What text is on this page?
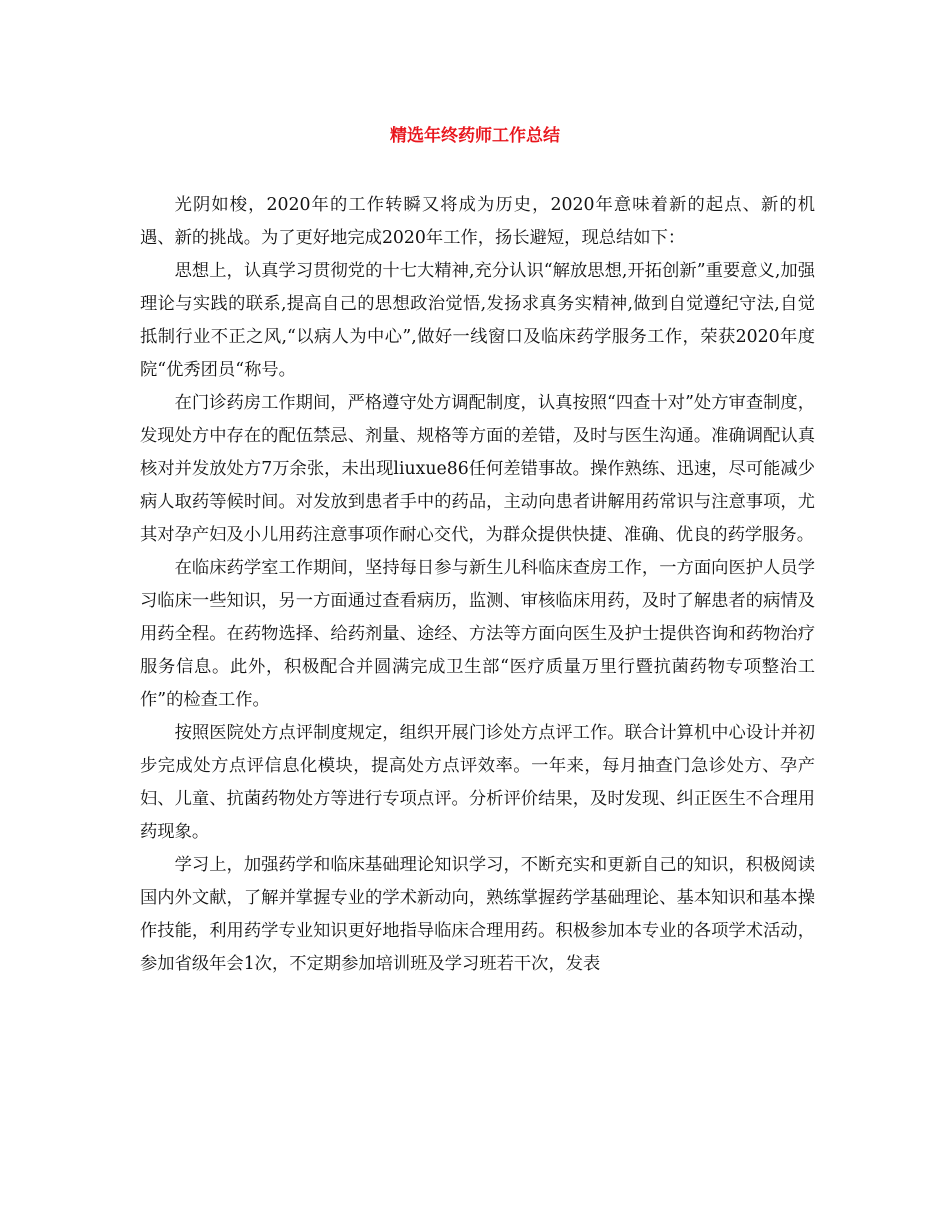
精选年终药师工作总结

光阴如梭，2020年的工作转瞬又将成为历史，2020年意味着新的起点、新的机遇、新的挑战。为了更好地完成2020年工作，扬长避短，现总结如下：

思想上，认真学习贯彻党的十七大精神,充分认识“解放思想,开拓创新”重要意义,加强理论与实践的联系,提高自己的思想政治觉悟,发扬求真务实精神,做到自觉遵纪守法,自觉抵制行业不正之风,“以病人为中心”,做好一线窗口及临床药学服务工作，荣获2020年度院“优秀团员“称号。

在门诊药房工作期间，严格遵守处方调配制度，认真按照“四查十对”处方审查制度，发现处方中存在的配伍禁忌、剂量、规格等方面的差错，及时与医生沟通。准确调配认真核对并发放处方7万余张，未出现liuxue86任何差错事故。操作熟练、迅速，尽可能减少病人取药等候时间。对发放到患者手中的药品，主动向患者讲解用药常识与注意事项，尤其对孕产妇及小儿用药注意事项作耐心交代，为群众提供快捷、准确、优良的药学服务。

在临床药学室工作期间，坚持每日参与新生儿科临床查房工作，一方面向医护人员学习临床一些知识，另一方面通过查看病历，监测、审核临床用药，及时了解患者的病情及用药全程。在药物选择、给药剂量、途经、方法等方面向医生及护士提供咨询和药物治疗服务信息。此外，积极配合并圆满完成卫生部“医疗质量万里行暨抗菌药物专项整治工作”的检查工作。

按照医院处方点评制度规定，组织开展门诊处方点评工作。联合计算机中心设计并初步完成处方点评信息化模块，提高处方点评效率。一年来，每月抽查门急诊处方、孕产妇、儿童、抗菌药物处方等进行专项点评。分析评价结果，及时发现、纠正医生不合理用药现象。

学习上，加强药学和临床基础理论知识学习，不断充实和更新自己的知识，积极阅读国内外文献，了解并掌握专业的学术新动向，熟练掌握药学基础理论、基本知识和基本操作技能，利用药学专业知识更好地指导临床合理用药。积极参加本专业的各项学术活动，参加省级年会1次，不定期参加培训班及学习班若干次，发表
